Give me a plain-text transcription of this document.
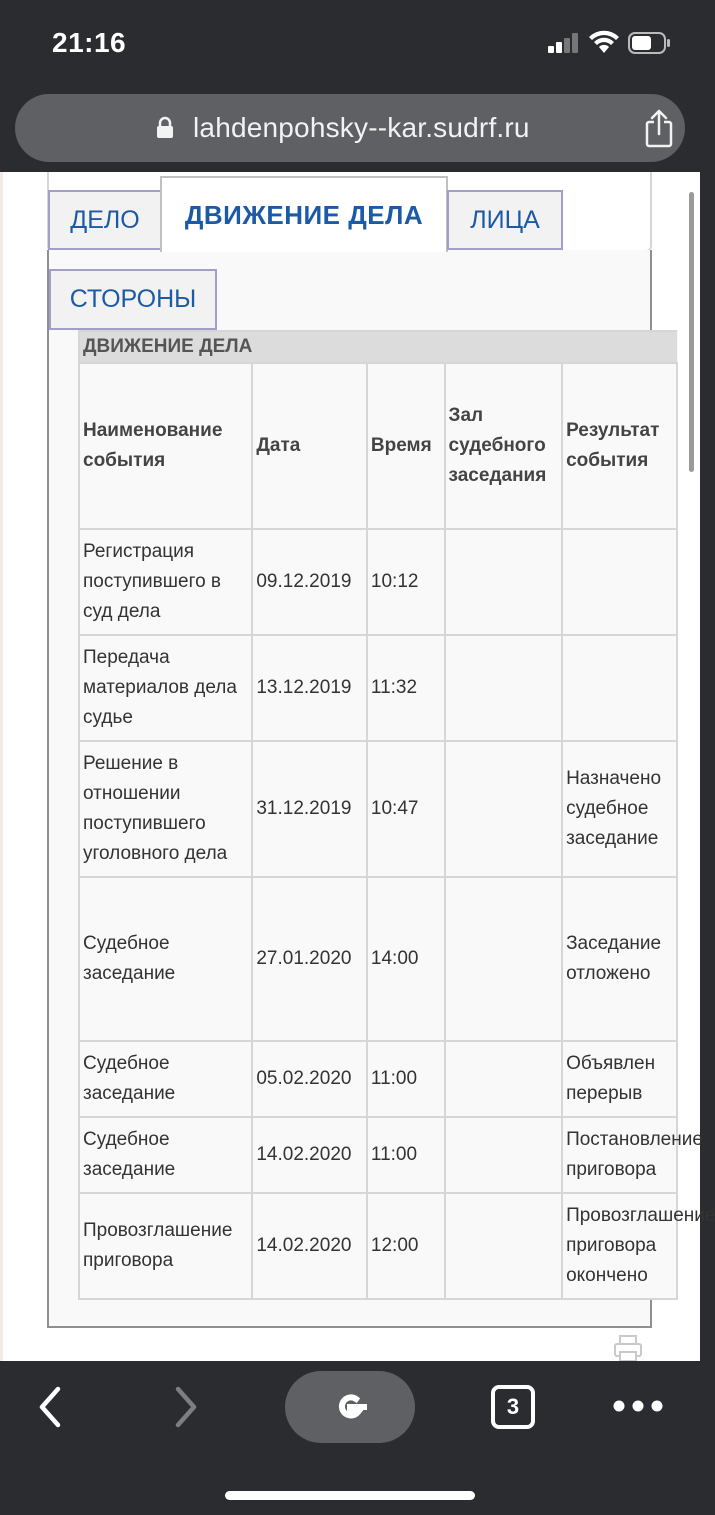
21:16
lahdenpohsky--kar.sudrf.ru
ДЕЛО	ДВИЖЕНИЕ ДЕЛА	ЛИЦА
СТОРОНЫ
ДВИЖЕНИЕ ДЕЛА				
Наименование события	Дата	Время	Зал судебного заседания	Результат события

Регистрация поступившего в суд дела	09.12.2019	10:12		

Передача материалов дела судье	13.12.2019	11:32		

Решение в отношении поступившего уголовного дела	31.12.2019	10:47		Назначено судебное заседание

Судебное заседание	27.01.2020	14:00		Заседание отложено

Судебное заседание	05.02.2020	11:00		Объявлен перерыв

Судебное заседание	14.02.2020	11:00		Постановление приговора

Провозглашение приговора	14.02.2020	12:00		Провозглашение приговора окончено
3
